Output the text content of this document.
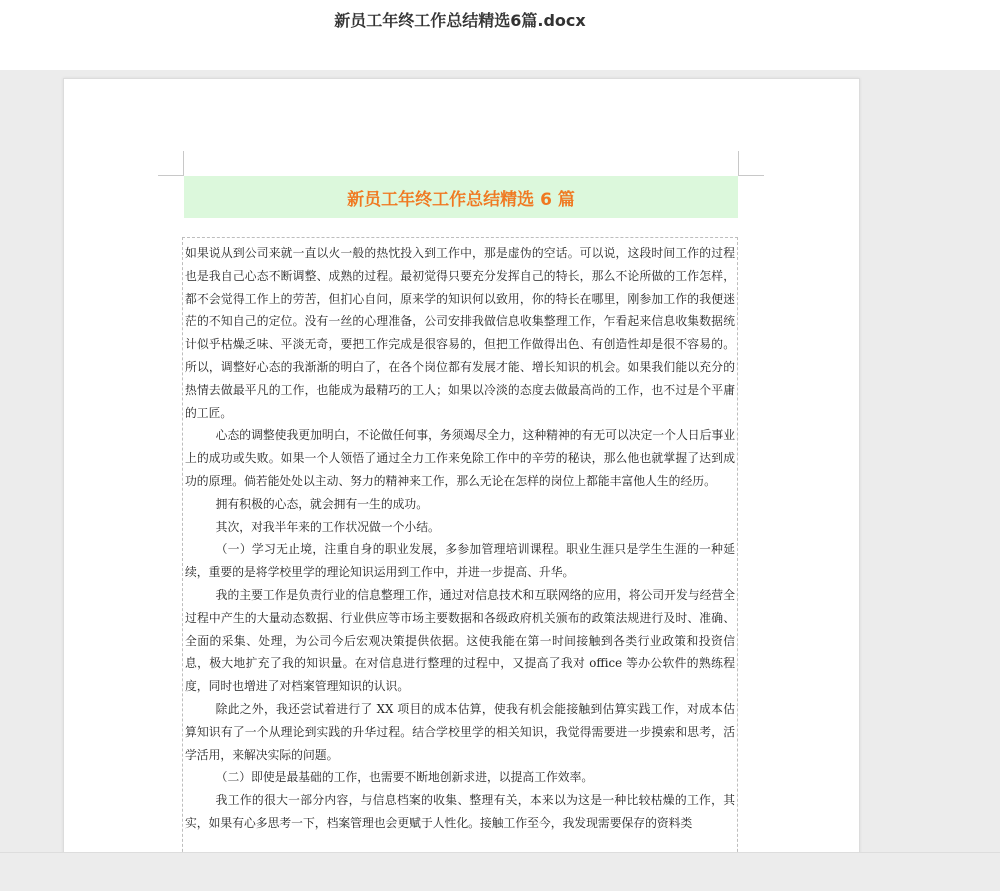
新员工年终工作总结精选6篇.docx
新员工年终工作总结精选 6 篇

如果说从到公司来就一直以火一般的热忱投入到工作中，那是虚伪的空话。可以说，这段时间工作的过程也是我自己心态不断调整、成熟的过程。最初觉得只要充分发挥自己的特长，那么不论所做的工作怎样，都不会觉得工作上的劳苦，但扪心自问，原来学的知识何以致用，你的特长在哪里，刚参加工作的我便迷茫的不知自己的定位。没有一丝的心理准备，公司安排我做信息收集整理工作，乍看起来信息收集数据统计似乎枯燥乏味、平淡无奇，要把工作完成是很容易的，但把工作做得出色、有创造性却是很不容易的。所以，调整好心态的我渐渐的明白了，在各个岗位都有发展才能、增长知识的机会。如果我们能以充分的热情去做最平凡的工作，也能成为最精巧的工人；如果以冷淡的态度去做最高尚的工作，也不过是个平庸的工匠。

心态的调整使我更加明白，不论做任何事，务须竭尽全力，这种精神的有无可以决定一个人日后事业上的成功或失败。如果一个人领悟了通过全力工作来免除工作中的辛劳的秘诀，那么他也就掌握了达到成功的原理。倘若能处处以主动、努力的精神来工作，那么无论在怎样的岗位上都能丰富他人生的经历。

拥有积极的心态，就会拥有一生的成功。

其次，对我半年来的工作状况做一个小结。

（一）学习无止境，注重自身的职业发展，多参加管理培训课程。职业生涯只是学生生涯的一种延续，重要的是将学校里学的理论知识运用到工作中，并进一步提高、升华。

我的主要工作是负责行业的信息整理工作，通过对信息技术和互联网络的应用，将公司开发与经营全过程中产生的大量动态数据、行业供应等市场主要数据和各级政府机关颁布的政策法规进行及时、准确、全面的采集、处理，为公司今后宏观决策提供依据。这使我能在第一时间接触到各类行业政策和投资信息，极大地扩充了我的知识量。在对信息进行整理的过程中，又提高了我对 office 等办公软件的熟练程度，同时也增进了对档案管理知识的认识。

除此之外，我还尝试着进行了 XX 项目的成本估算，使我有机会能接触到估算实践工作，对成本估算知识有了一个从理论到实践的升华过程。结合学校里学的相关知识，我觉得需要进一步摸索和思考，活学活用，来解决实际的问题。

（二）即使是最基础的工作，也需要不断地创新求进，以提高工作效率。

我工作的很大一部分内容，与信息档案的收集、整理有关，本来以为这是一种比较枯燥的工作，其实，如果有心多思考一下，档案管理也会更赋于人性化。接触工作至今，我发现需要保存的资料类
